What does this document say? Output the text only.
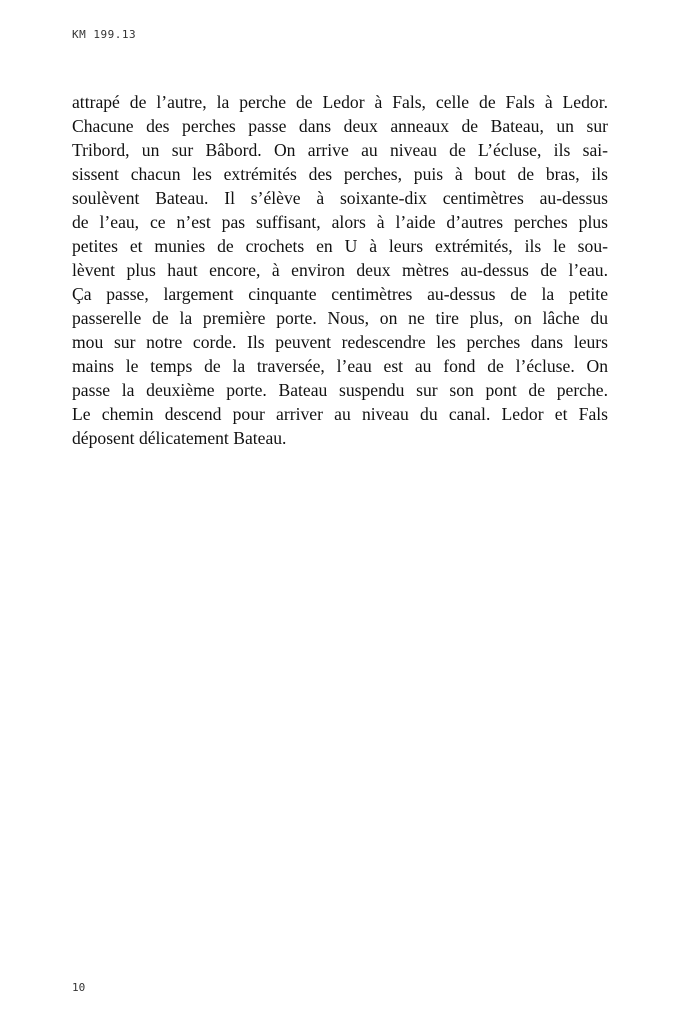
KM 199.13
attrapé de l’autre, la perche de Ledor à Fals, celle de Fals à Ledor.
Chacune des perches passe dans deux anneaux de Bateau, un sur
Tribord, un sur Bâbord. On arrive au niveau de L’écluse, ils sai-
sissent chacun les extrémités des perches, puis à bout de bras, ils
soulèvent Bateau. Il s’élève à soixante-dix centimètres au-dessus
de l’eau, ce n’est pas suffisant, alors à l’aide d’autres perches plus
petites et munies de crochets en U à leurs extrémités, ils le sou-
lèvent plus haut encore, à environ deux mètres au-dessus de l’eau.
Ça passe, largement cinquante centimètres au-dessus de la petite
passerelle de la première porte. Nous, on ne tire plus, on lâche du
mou sur notre corde. Ils peuvent redescendre les perches dans leurs
mains le temps de la traversée, l’eau est au fond de l’écluse. On
passe la deuxième porte. Bateau suspendu sur son pont de perche.
Le chemin descend pour arriver au niveau du canal. Ledor et Fals
déposent délicatement Bateau.
10
